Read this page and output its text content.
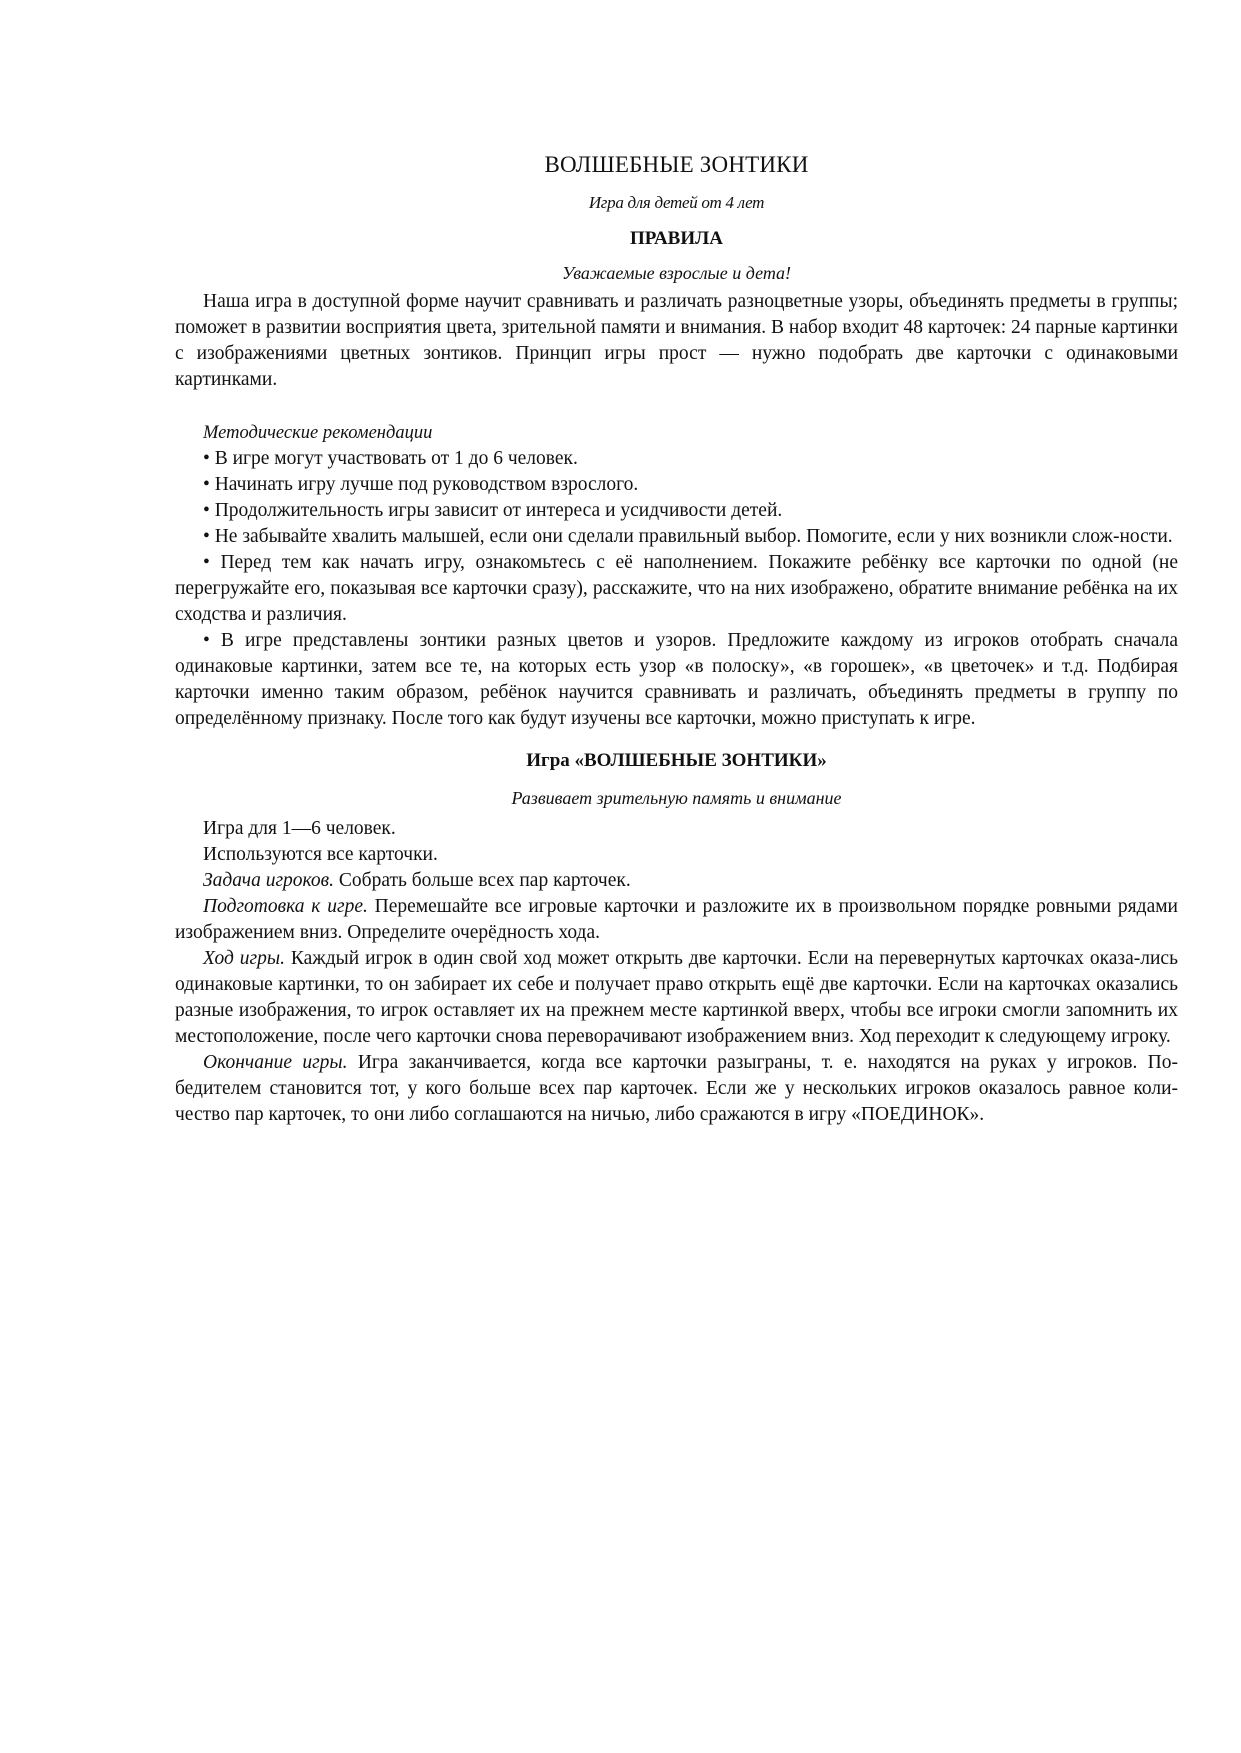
ВОЛШЕБНЫЕ ЗОНТИКИ
Игра для детей от 4 лет
ПРАВИЛА
Уважаемые взрослые и дета!

Наша игра в доступной форме научит сравнивать и различать разноцветные узоры, объединять предметы в группы; поможет в развитии восприятия цвета, зрительной памяти и внимания. В набор входит 48 карточек: 24 парные картинки с изображениями цветных зонтиков. Принцип игры прост — нужно подобрать две карточки с одинаковыми картинками.

Методические рекомендации

• В игре могут участвовать от 1 до 6 человек.

• Начинать игру лучше под руководством взрослого.

• Продолжительность игры зависит от интереса и усидчивости детей.

• Не забывайте хвалить малышей, если они сделали правильный выбор. Помогите, если у них возникли слож-ности.

• Перед тем как начать игру, ознакомьтесь с её наполнением. Покажите ребёнку все карточки по одной (не перегружайте его, показывая все карточки сразу), расскажите, что на них изображено, обратите внимание ребёнка на их сходства и различия.

• В игре представлены зонтики разных цветов и узоров. Предложите каждому из игроков отобрать сначала одинаковые картинки, затем все те, на которых есть узор «в полоску», «в горошек», «в цветочек» и т.д. Подбирая карточки именно таким образом, ребёнок научится сравнивать и различать, объединять предметы в группу по определённому признаку. После того как будут изучены все карточки, можно приступать к игре.

Игра «ВОЛШЕБНЫЕ ЗОНТИКИ»
Развивает зрительную память и внимание

Игра для 1—6 человек.

Используются все карточки.

Задача игроков. Собрать больше всех пар карточек.

Подготовка к игре. Перемешайте все игровые карточки и разложите их в произвольном порядке ровными рядами изображением вниз. Определите очерёдность хода.

Ход игры. Каждый игрок в один свой ход может открыть две карточки. Если на перевернутых карточках оказа-лись одинаковые картинки, то он забирает их себе и получает право открыть ещё две карточки. Если на карточках оказались разные изображения, то игрок оставляет их на прежнем месте картинкой вверх, чтобы все игроки смогли запомнить их местоположение, после чего карточки снова переворачивают изображением вниз. Ход переходит к следующему игроку.

Окончание игры. Игра заканчивается, когда все карточки разыграны, т. е. находятся на руках у игроков. По-бедителем становится тот, у кого больше всех пар карточек. Если же у нескольких игроков оказалось равное коли-чество пар карточек, то они либо соглашаются на ничью, либо сражаются в игру «ПОЕДИНОК».
